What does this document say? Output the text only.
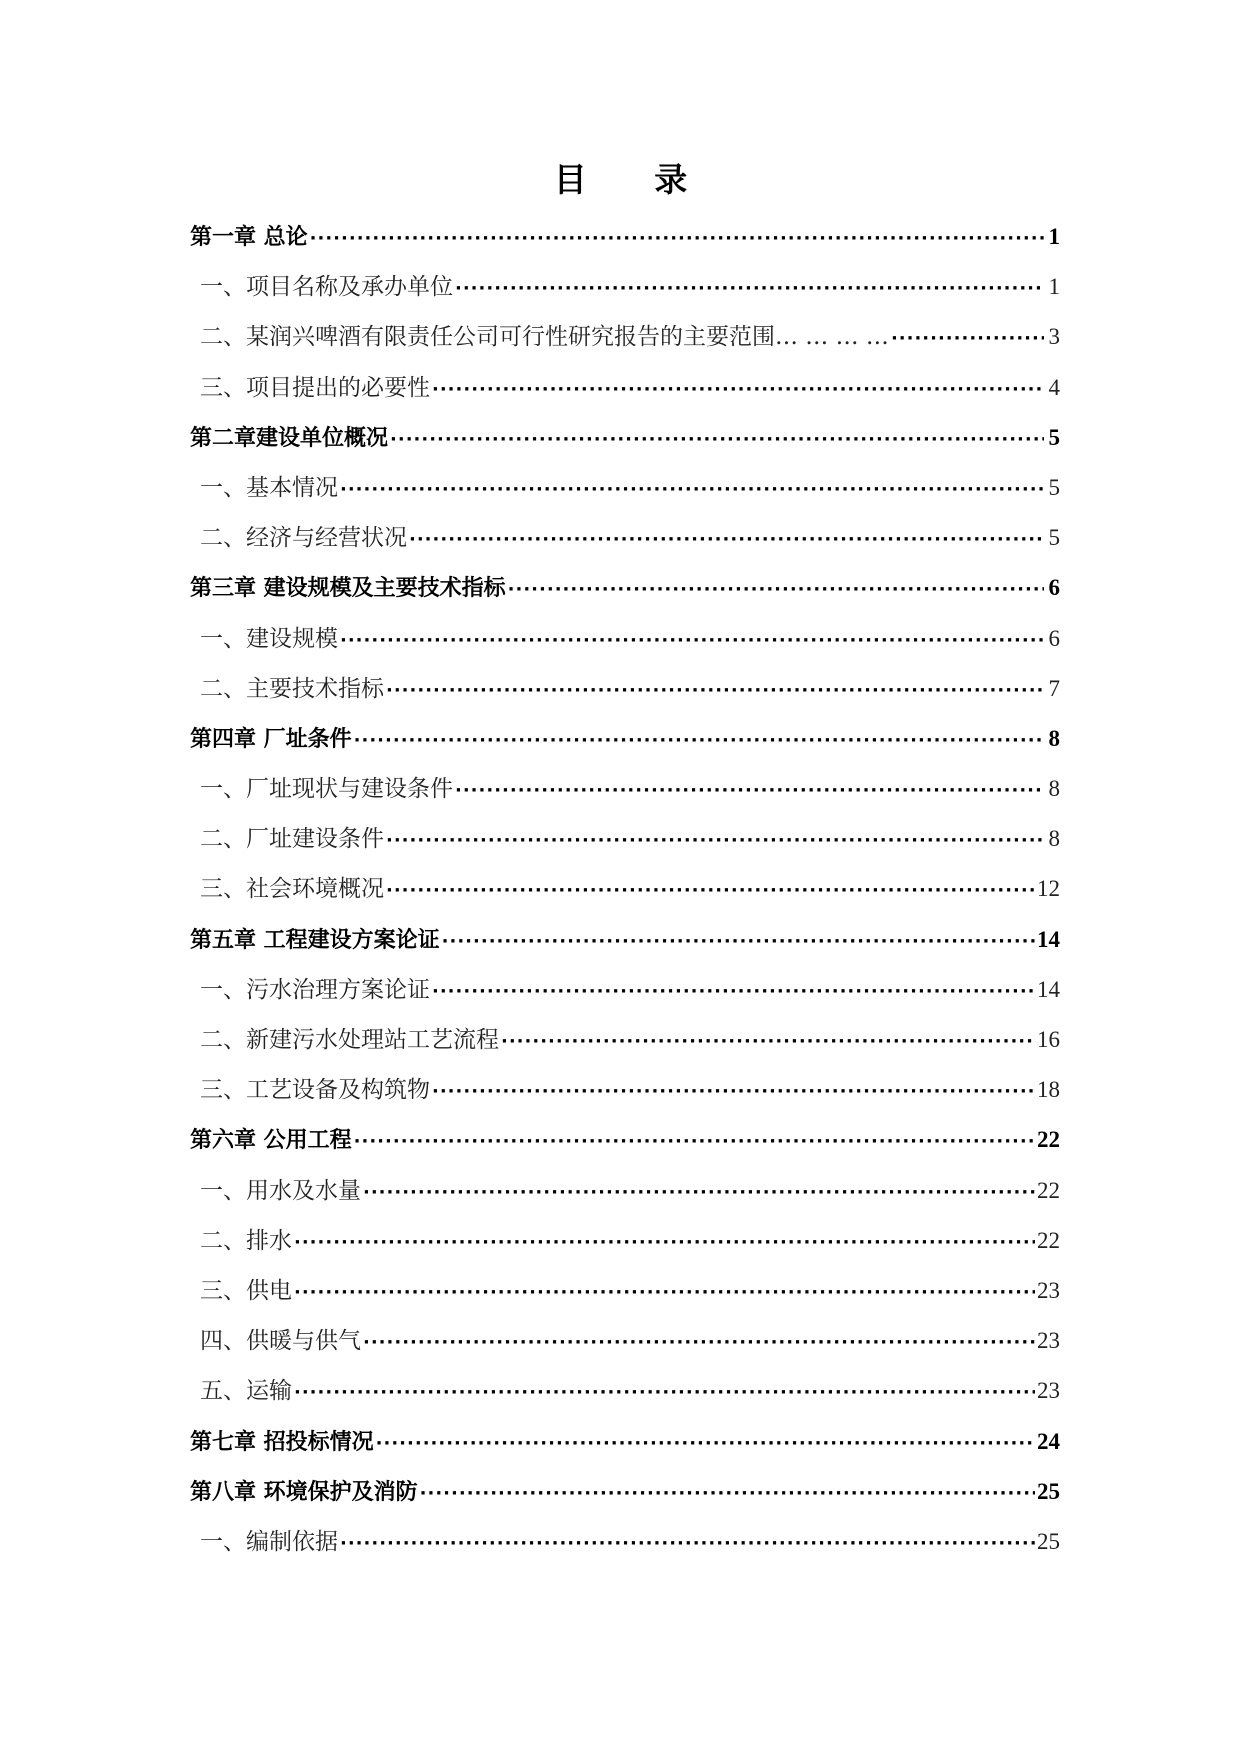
目 录
第一章 总论 ·····	1
一、项目名称及承办单位 ·····	1
二、某润兴啤酒有限责任公司可行性研究报告的主要范围… … … … ·····	3
三、项目提出的必要性 ·····	4
第二章建设单位概况 ·····	5
一、基本情况 ·····	5
二、经济与经营状况 ·····	5
第三章 建设规模及主要技术指标 ·····	6
一、建设规模 ·····	6
二、主要技术指标 ·····	7
第四章 厂址条件 ·····	8
一、厂址现状与建设条件 ·····	8
二、厂址建设条件 ·····	8
三、社会环境概况 ·····	12
第五章 工程建设方案论证 ·····	14
一、污水治理方案论证 ·····	14
二、新建污水处理站工艺流程 ·····	16
三、工艺设备及构筑物 ·····	18
第六章 公用工程 ·····	22
一、用水及水量 ·····	22
二、排水 ·····	22
三、供电 ·····	23
四、供暖与供气 ·····	23
五、运输 ·····	23
第七章 招投标情况 ·····	24
第八章 环境保护及消防 ·····	25
一、编制依据 ·····	25
